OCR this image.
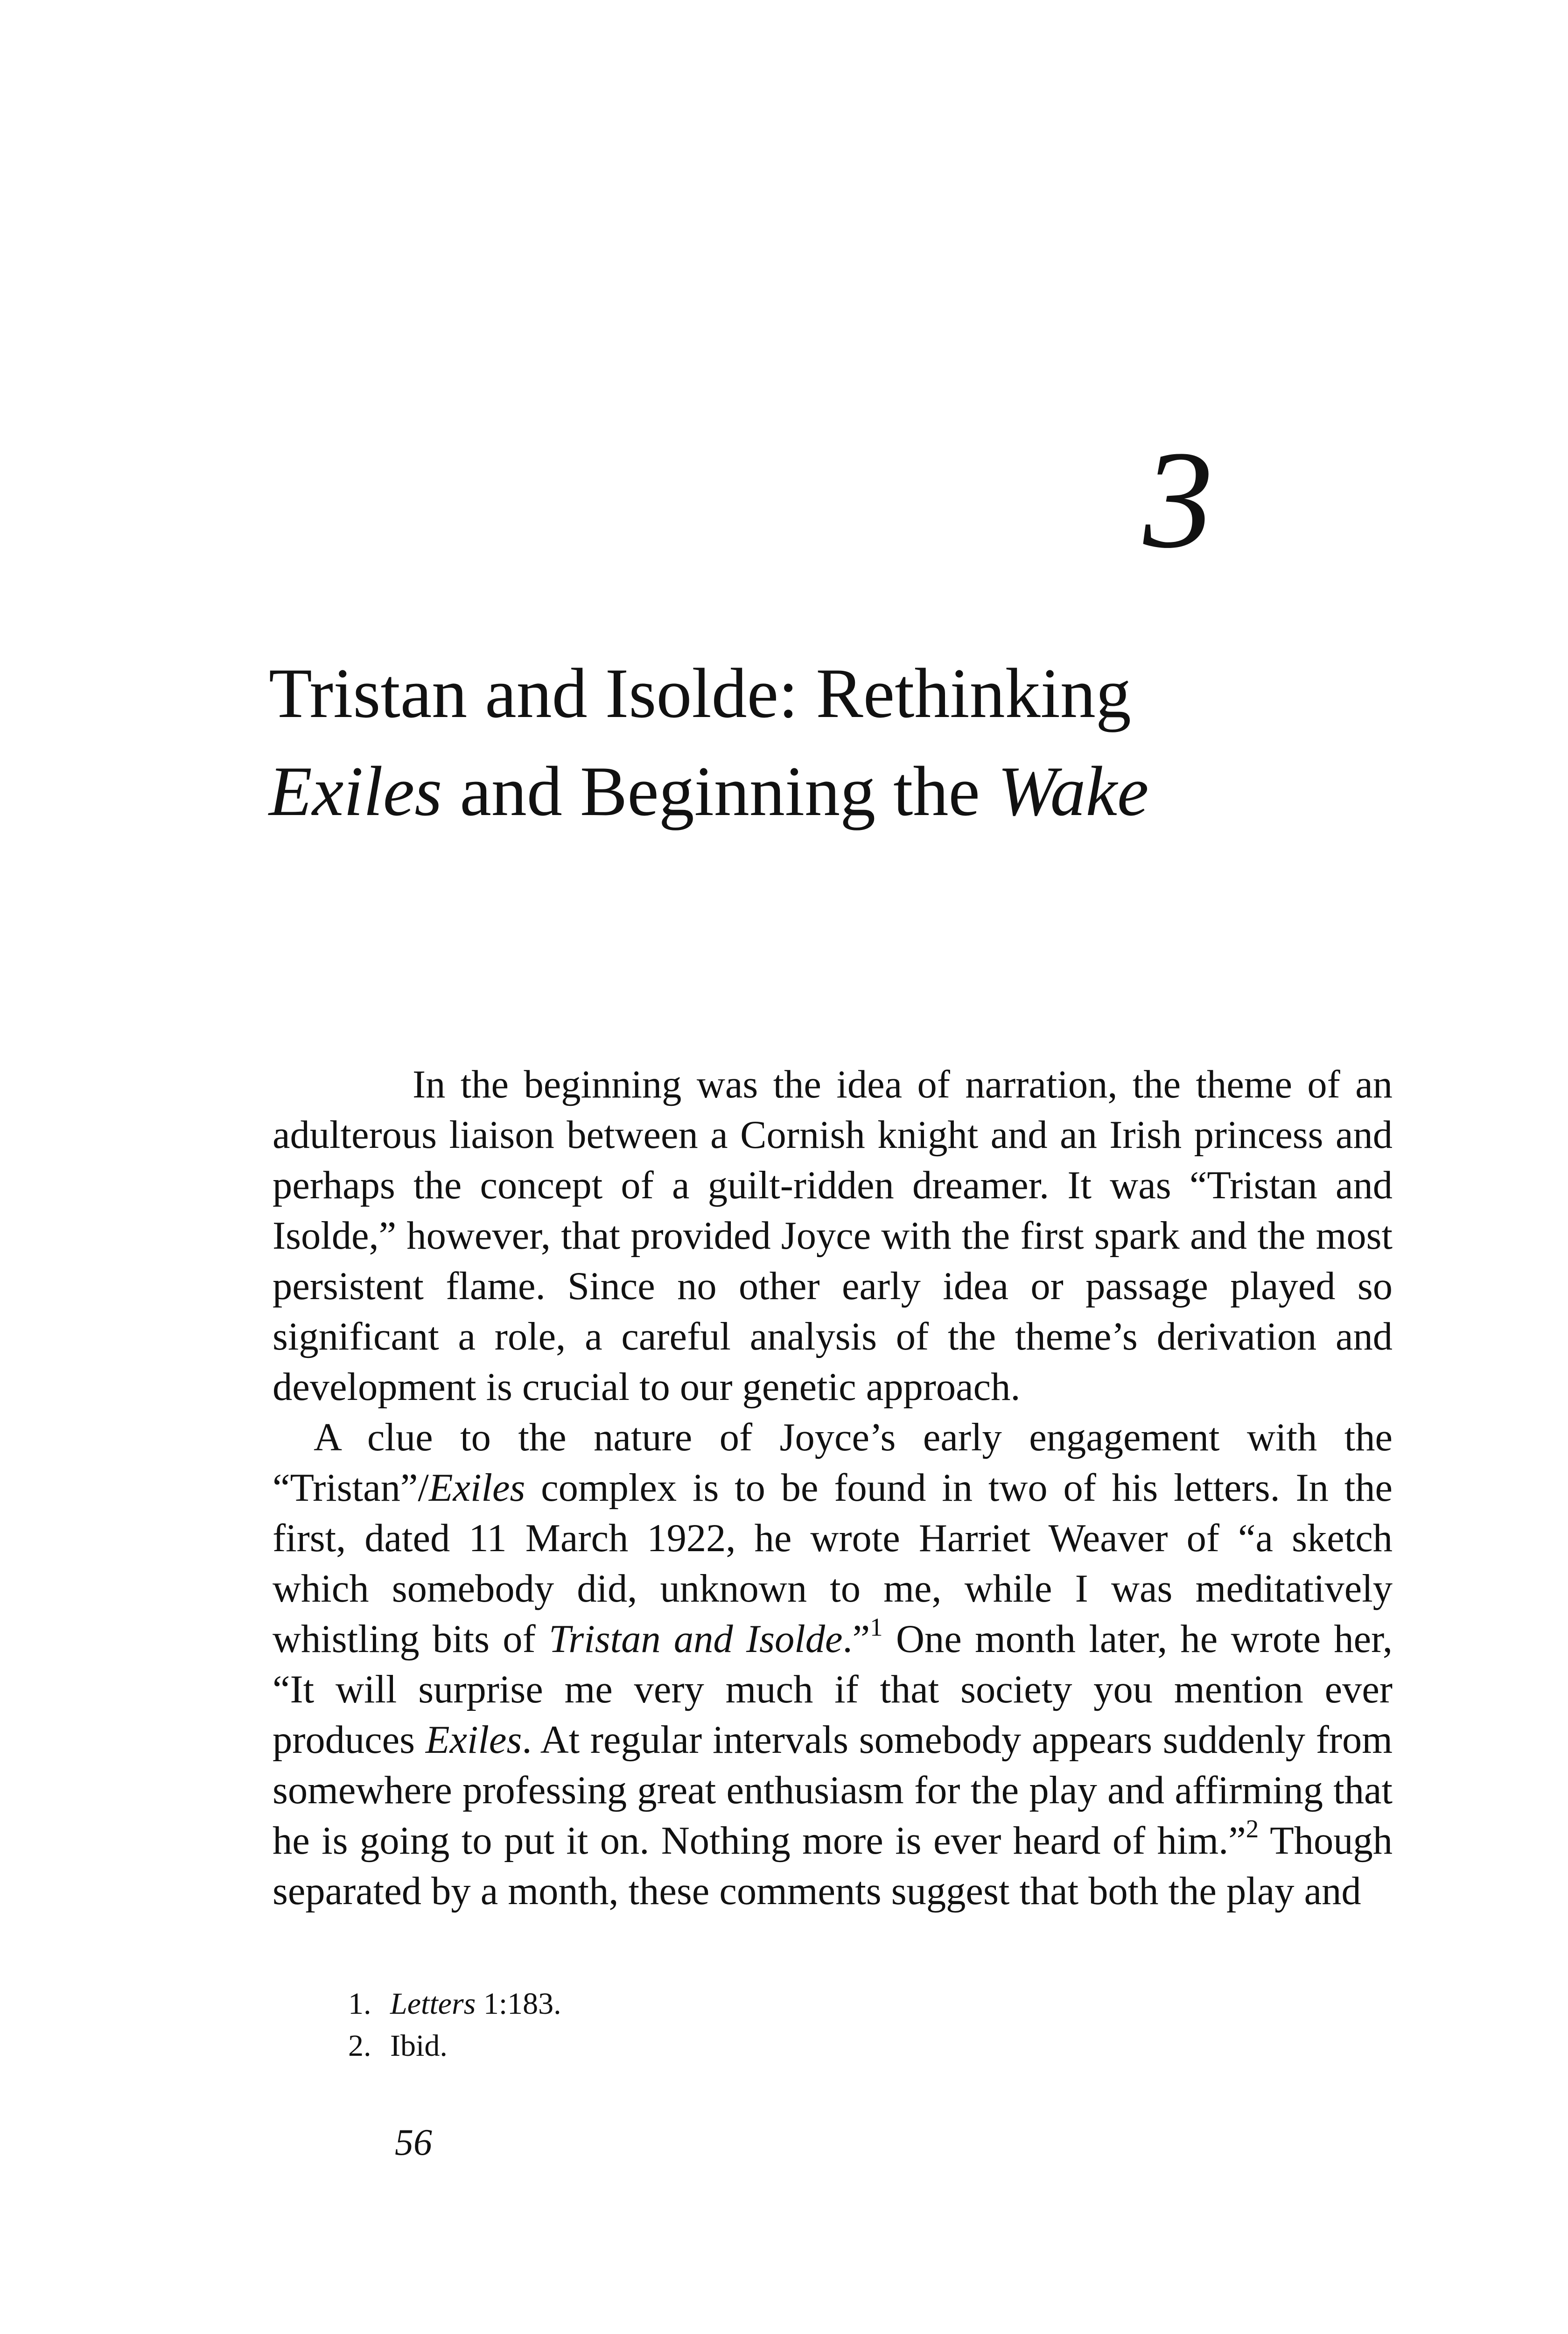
3
Tristan and Isolde: Rethinking
Exiles and Beginning the Wake

In the beginning was the idea of narration, the theme of an adulterous liaison between a Cornish knight and an Irish princess and perhaps the concept of a guilt-ridden dreamer. It was “Tristan and Isolde,” however, that provided Joyce with the first spark and the most persistent flame. Since no other early idea or passage played so significant a role, a careful analysis of the theme’s derivation and development is crucial to our genetic approach.

A clue to the nature of Joyce’s early engagement with the “Tristan”/Exiles complex is to be found in two of his letters. In the first, dated 11 March 1922, he wrote Harriet Weaver of “a sketch which somebody did, unknown to me, while I was meditatively whistling bits of Tristan and Isolde.”$^1$ One month later, he wrote her, “It will surprise me very much if that society you mention ever produces Exiles. At regular intervals somebody appears suddenly from somewhere professing great enthusiasm for the play and affirming that he is going to put it on. Nothing more is ever heard of him.”$^2$ Though separated by a month, these comments suggest that both the play and

1. Letters 1:183.
2. Ibid.
56
